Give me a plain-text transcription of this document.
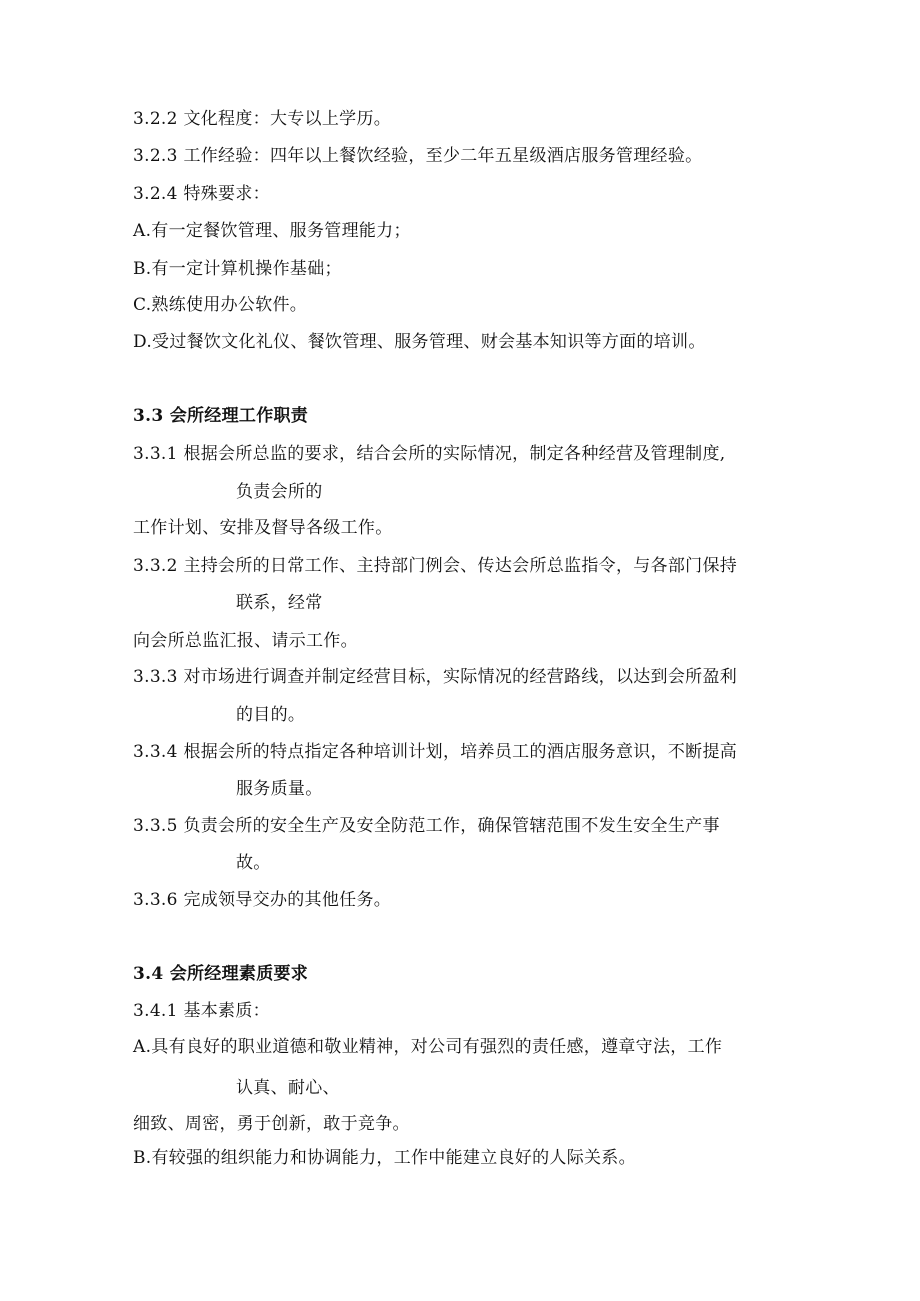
3.2.2 文化程度：大专以上学历。
3.2.3 工作经验：四年以上餐饮经验，至少二年五星级酒店服务管理经验。
3.2.4 特殊要求：
A.有一定餐饮管理、服务管理能力；
B.有一定计算机操作基础；
C.熟练使用办公软件。
D.受过餐饮文化礼仪、餐饮管理、服务管理、财会基本知识等方面的培训。
3.3 会所经理工作职责
3.3.1 根据会所总监的要求，结合会所的实际情况，制定各种经营及管理制度,
负责会所的
工作计划、安排及督导各级工作。
3.3.2 主持会所的日常工作、主持部门例会、传达会所总监指令，与各部门保持
联系，经常
向会所总监汇报、请示工作。
3.3.3 对市场进行调查并制定经营目标，实际情况的经营路线，以达到会所盈利
的目的。
3.3.4 根据会所的特点指定各种培训计划，培养员工的酒店服务意识，不断提高
服务质量。
3.3.5 负责会所的安全生产及安全防范工作，确保管辖范围不发生安全生产事
故。
3.3.6 完成领导交办的其他任务。
3.4 会所经理素质要求
3.4.1 基本素质：
A.具有良好的职业道德和敬业精神，对公司有强烈的责任感，遵章守法，工作
认真、耐心、
细致、周密，勇于创新，敢于竞争。
B.有较强的组织能力和协调能力，工作中能建立良好的人际关系。
